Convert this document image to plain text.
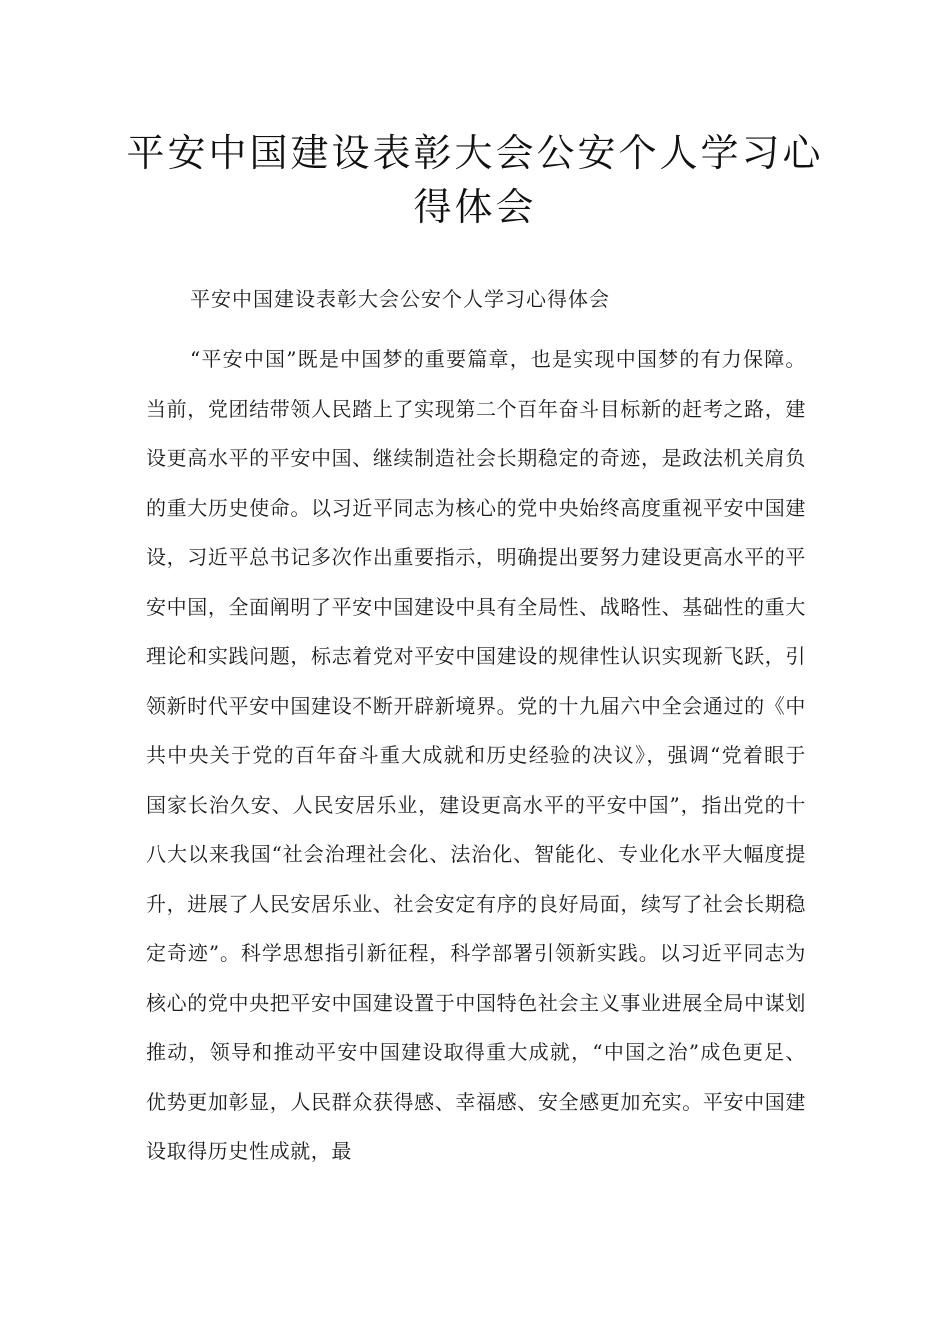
平安中国建设表彰大会公安个人学习心得体会

平安中国建设表彰大会公安个人学习心得体会

“平安中国”既是中国梦的重要篇章，也是实现中国梦的有力保障。当前，党团结带领人民踏上了实现第二个百年奋斗目标新的赶考之路，建设更高水平的平安中国、继续制造社会长期稳定的奇迹，是政法机关肩负的重大历史使命。以习近平同志为核心的党中央始终高度重视平安中国建设，习近平总书记多次作出重要指示，明确提出要努力建设更高水平的平安中国，全面阐明了平安中国建设中具有全局性、战略性、基础性的重大理论和实践问题，标志着党对平安中国建设的规律性认识实现新飞跃，引领新时代平安中国建设不断开辟新境界。党的十九届六中全会通过的《中共中央关于党的百年奋斗重大成就和历史经验的决议》，强调“党着眼于国家长治久安、人民安居乐业，建设更高水平的平安中国”，指出党的十八大以来我国“社会治理社会化、法治化、智能化、专业化水平大幅度提升，进展了人民安居乐业、社会安定有序的良好局面，续写了社会长期稳定奇迹”。科学思想指引新征程，科学部署引领新实践。以习近平同志为核心的党中央把平安中国建设置于中国特色社会主义事业进展全局中谋划推动，领导和推动平安中国建设取得重大成就，“中国之治”成色更足、优势更加彰显，人民群众获得感、幸福感、安全感更加充实。平安中国建设取得历史性成就，最
